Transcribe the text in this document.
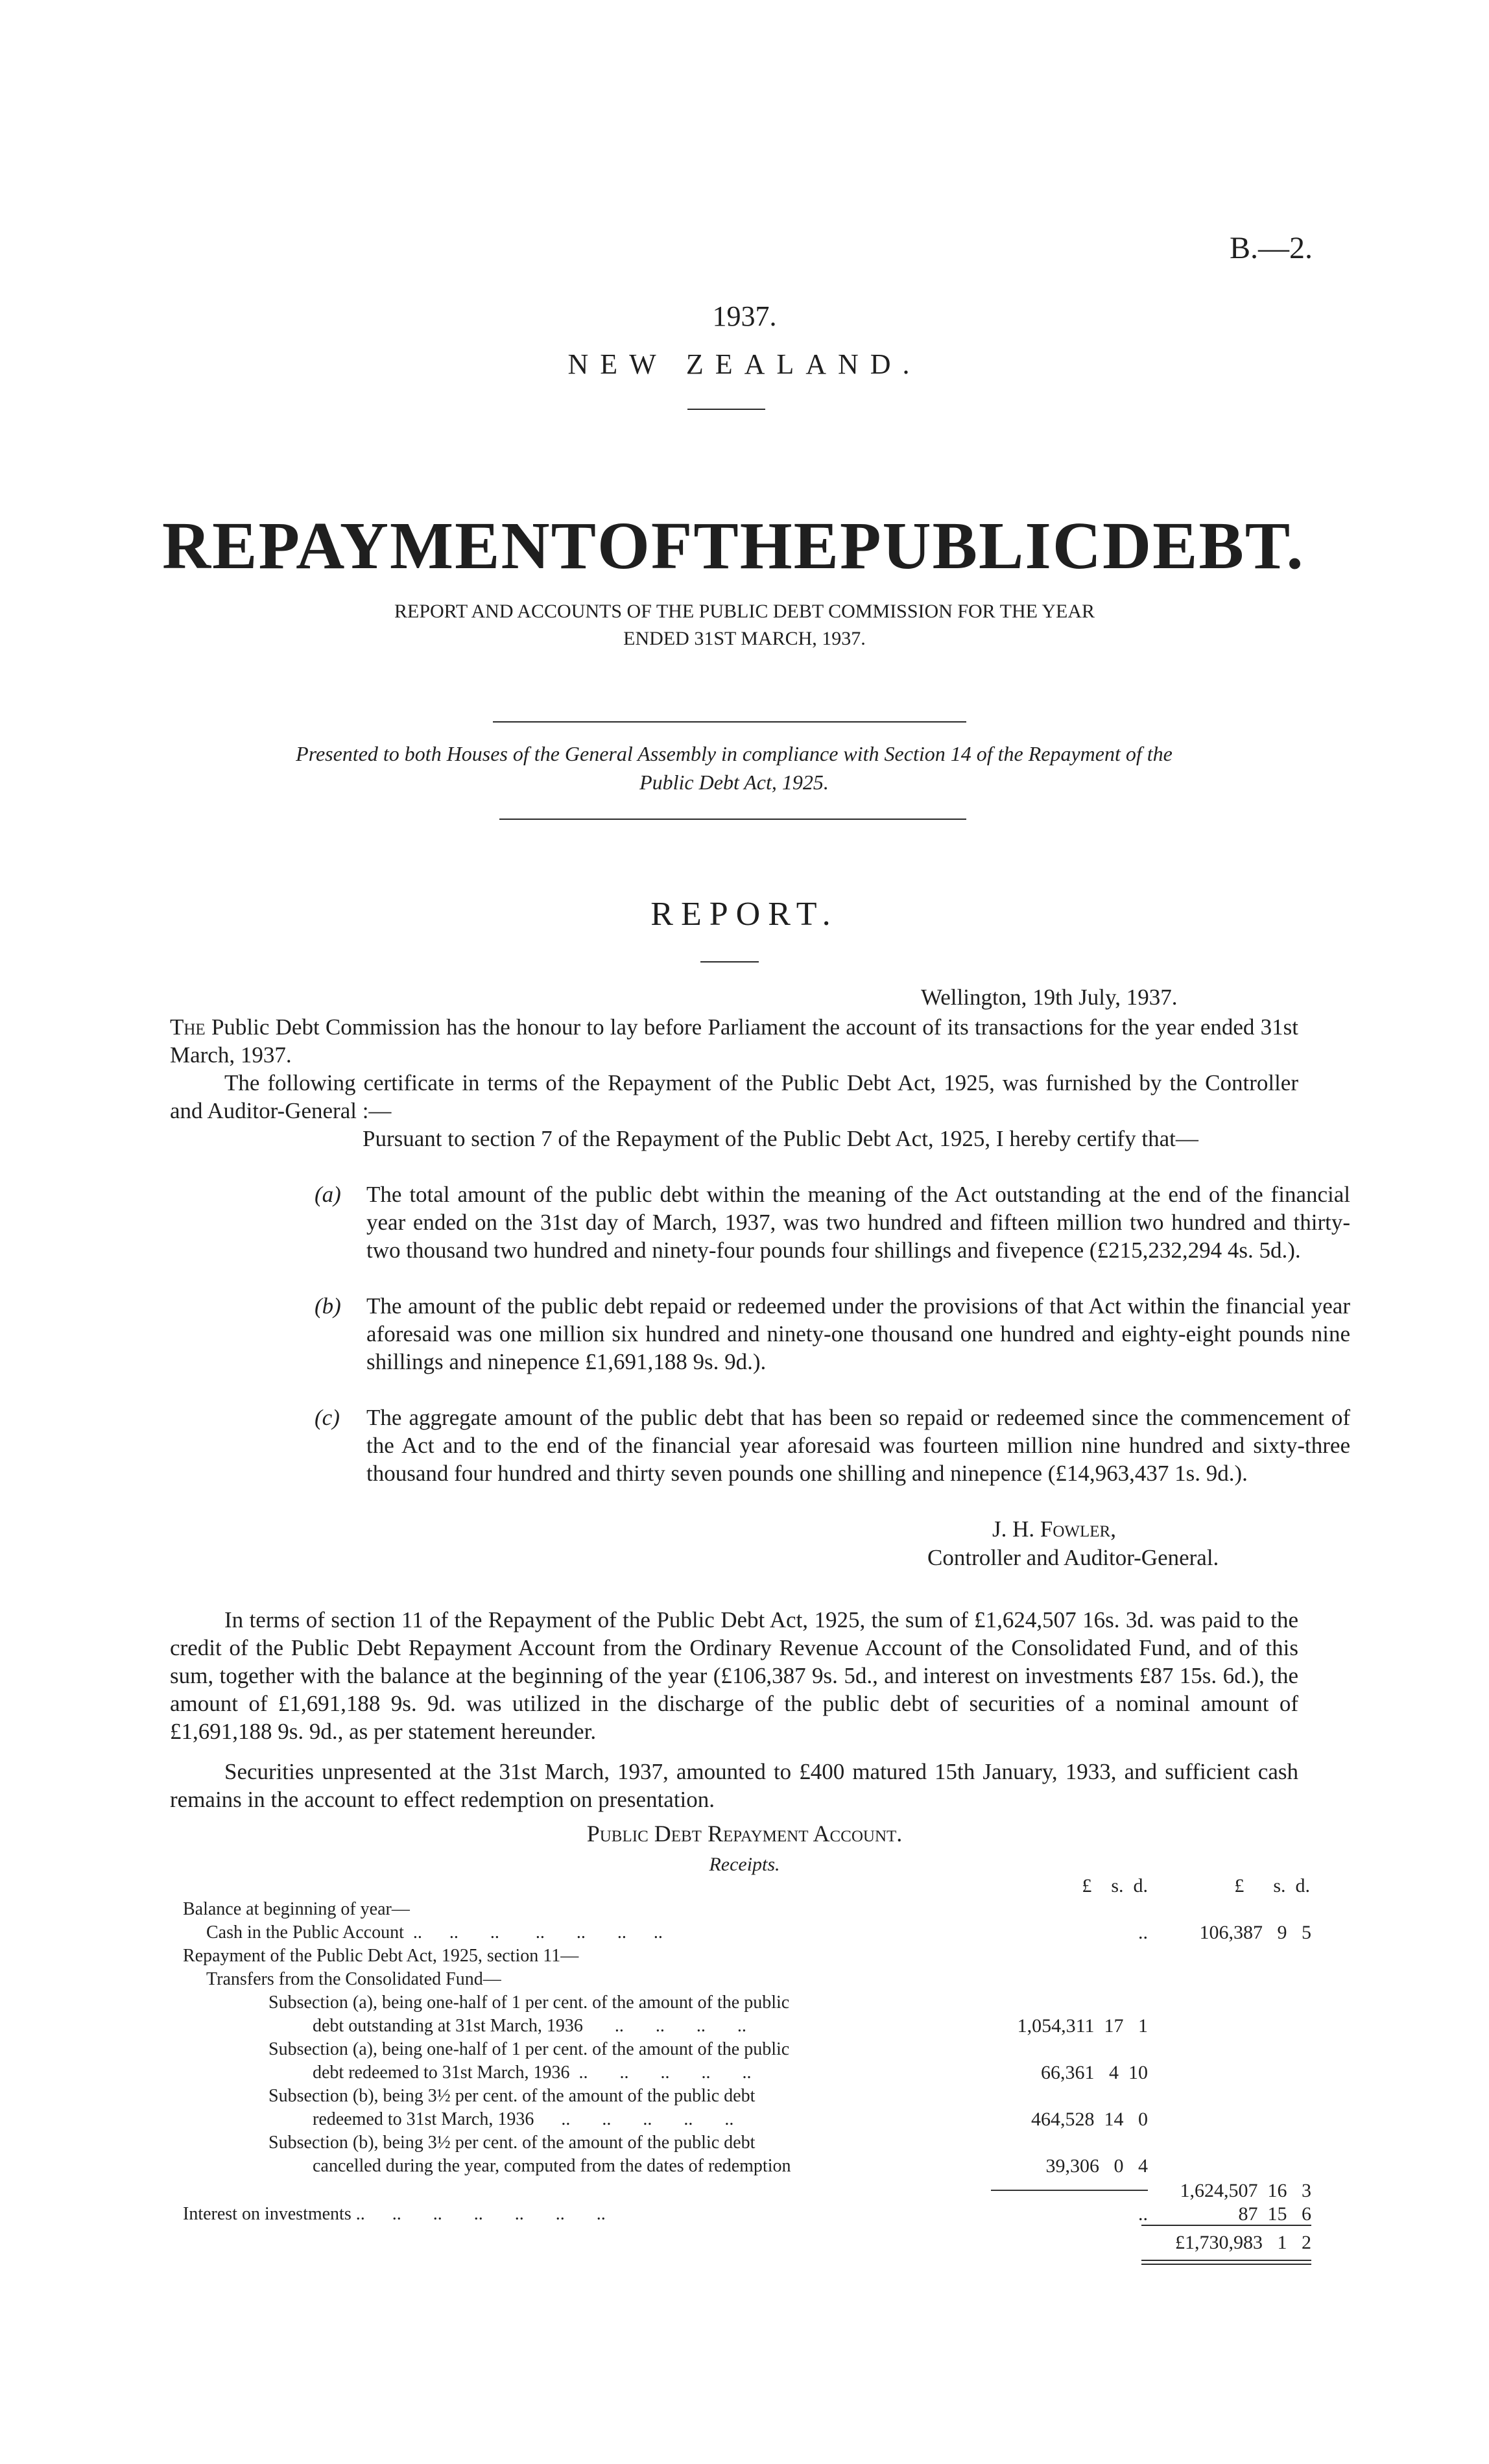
B.—2.
1937.
NEW ZEALAND.
REPAYMENT OF THE PUBLIC DEBT.
REPORT AND ACCOUNTS OF THE PUBLIC DEBT COMMISSION FOR THE YEAR
ENDED 31ST MARCH, 1937.
Presented to both Houses of the General Assembly in compliance with Section 14 of the Repayment of the
Public Debt Act, 1925.
REPORT.
Wellington, 19th July, 1937.
The Public Debt Commission has the honour to lay before Parliament the account of its transactions for the year ended 31st March, 1937.
The following certificate in terms of the Repayment of the Public Debt Act, 1925, was furnished by the Controller and Auditor-General :—
Pursuant to section 7 of the Repayment of the Public Debt Act, 1925, I hereby certify that—
(a) The total amount of the public debt within the meaning of the Act outstanding at the end of the financial year ended on the 31st day of March, 1937, was two hundred and fifteen million two hundred and thirty-two thousand two hundred and ninety-four pounds four shillings and fivepence (£215,232,294 4s. 5d.).
(b) The amount of the public debt repaid or redeemed under the provisions of that Act within the financial year aforesaid was one million six hundred and ninety-one thousand one hundred and eighty-eight pounds nine shillings and ninepence £1,691,188 9s. 9d.).
(c) The aggregate amount of the public debt that has been so repaid or redeemed since the commencement of the Act and to the end of the financial year aforesaid was fourteen million nine hundred and sixty-three thousand four hundred and thirty seven pounds one shilling and ninepence (£14,963,437 1s. 9d.).
J. H. Fowler,
Controller and Auditor-General.
In terms of section 11 of the Repayment of the Public Debt Act, 1925, the sum of £1,624,507 16s. 3d. was paid to the credit of the Public Debt Repayment Account from the Ordinary Revenue Account of the Consolidated Fund, and of this sum, together with the balance at the beginning of the year (£106,387 9s. 5d., and interest on investments £87 15s. 6d.), the amount of £1,691,188 9s. 9d. was utilized in the discharge of the public debt of securities of a nominal amount of £1,691,188 9s. 9d., as per statement hereunder.
Securities unpresented at the 31st March, 1937, amounted to £400 matured 15th January, 1933, and sufficient cash remains in the account to effect redemption on presentation.
Public Debt Repayment Account.
Receipts.
£    s.  d.	£      s.  d.
Balance at beginning of year—
Cash in the Public Account  ..      ..       ..        ..       ..       ..      ..	..	106,387   9   5
Repayment of the Public Debt Act, 1925, section 11—
Transfers from the Consolidated Fund—
Subsection (a), being one-half of 1 per cent. of the amount of the public
debt outstanding at 31st March, 1936       ..       ..       ..       ..	1,054,311  17   1
Subsection (a), being one-half of 1 per cent. of the amount of the public
debt redeemed to 31st March, 1936  ..       ..       ..       ..       ..	66,361   4  10
Subsection (b), being 3½ per cent. of the amount of the public debt
redeemed to 31st March, 1936      ..       ..       ..       ..       ..	464,528  14   0
Subsection (b), being 3½ per cent. of the amount of the public debt
cancelled during the year, computed from the dates of redemption	39,306   0   4
1,624,507  16   3
Interest on investments ..      ..       ..       ..       ..       ..       ..	..	87  15   6
£1,730,983   1   2
